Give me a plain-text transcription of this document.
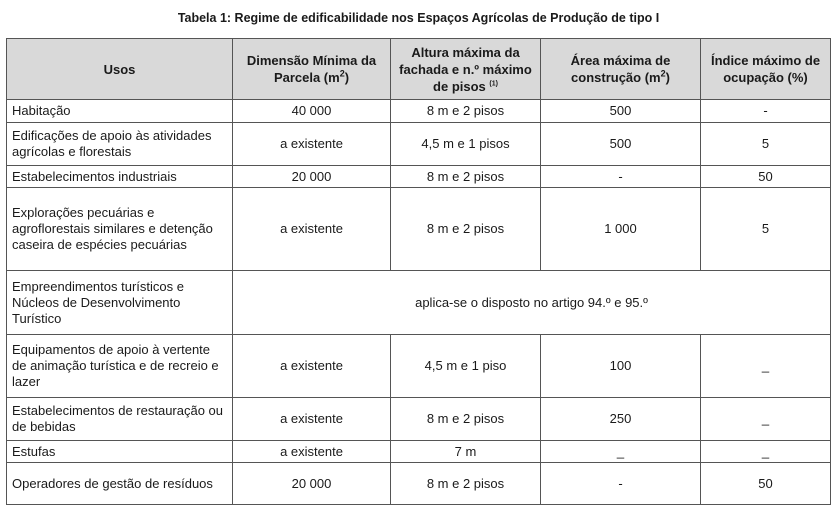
Tabela 1: Regime de edificabilidade nos Espaços Agrícolas de Produção de tipo I
Usos	Dimensão Mínima da Parcela $(m^2)$	Altura máxima da fachada e n.º máximo de pisos $^{(1)}$	Área máxima de construção $(m^2)$	Índice máximo de ocupação (%)
Habitação	40 000	8 m e 2 pisos	500	-
Edificações de apoio às atividades agrícolas e florestais	a existente	4,5 m e 1 pisos	500	5
Estabelecimentos industriais	20 000	8 m e 2 pisos	-	50
Explorações pecuárias e agroflorestais similares e detenção caseira de espécies pecuárias	a existente	8 m e 2 pisos	1 000	5
Empreendimentos turísticos e Núcleos de Desenvolvimento Turístico	aplica-se o disposto no artigo 94.º e 95.º			
Equipamentos de apoio à vertente de animação turística e de recreio e lazer	a existente	4,5 m e 1 piso	100	_
Estabelecimentos de restauração ou de bebidas	a existente	8 m e 2 pisos	250	_
Estufas	a existente	7 m	_	_
Operadores de gestão de resíduos	20 000	8 m e 2 pisos	-	50
